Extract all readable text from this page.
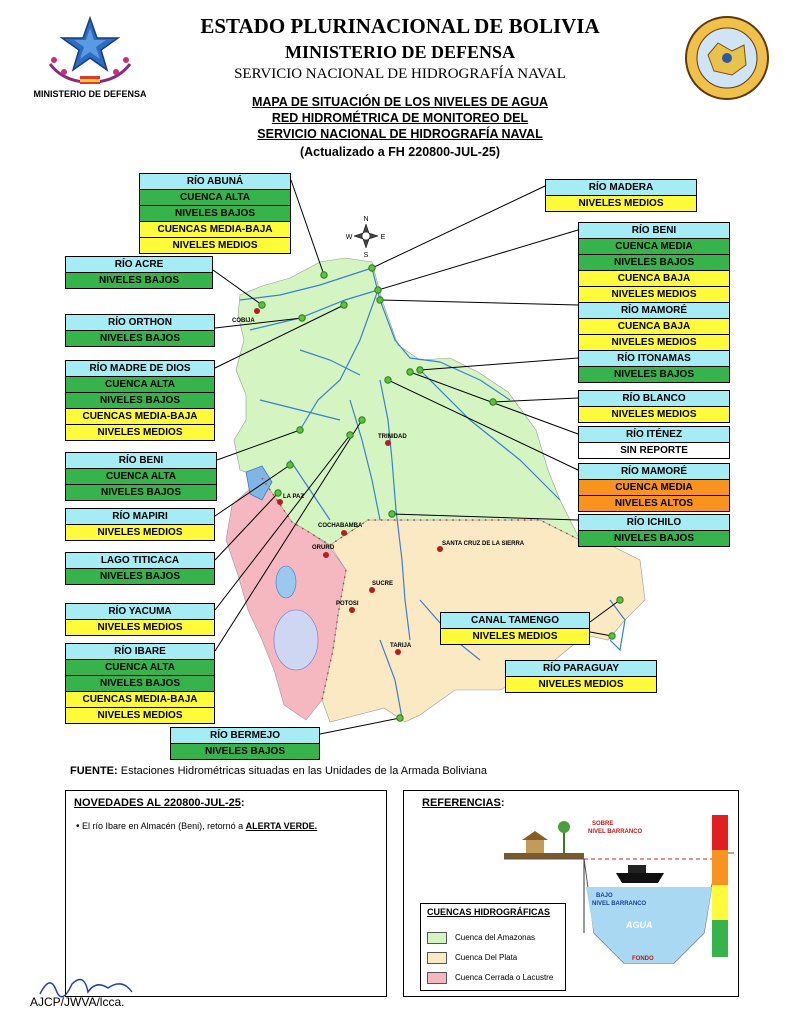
MINISTERIO DE DEFENSA
ESTADO PLURINACIONAL DE BOLIVIA
MINISTERIO DE DEFENSA
SERVICIO NACIONAL DE HIDROGRAFÍA NAVAL
MAPA DE SITUACIÓN DE LOS NIVELES DE AGUA
RED HIDROMÉTRICA DE MONITOREO DEL
SERVICIO NACIONAL DE HIDROGRAFÍA NAVAL
(Actualizado a FH 220800-JUL-25)
N
S
E
W
COBIJA
TRINIDAD
LA PAZ
COCHABAMBA
ORURO
SANTA CRUZ DE LA SIERRA
SUCRE
POTOSI
TARIJA
RÍO ABUNÁ
CUENCA ALTA
NIVELES BAJOS
CUENCAS MEDIA-BAJA
NIVELES MEDIOS
RÍO ACRE
NIVELES BAJOS
RÍO ORTHON
NIVELES BAJOS
RÍO MADRE DE DIOS
CUENCA ALTA
NIVELES BAJOS
CUENCAS MEDIA-BAJA
NIVELES MEDIOS
RÍO BENI
CUENCA ALTA
NIVELES BAJOS
RÍO MAPIRI
NIVELES MEDIOS
LAGO TITICACA
NIVELES BAJOS
RÍO YACUMA
NIVELES MEDIOS
RÍO IBARE
CUENCA ALTA
NIVELES BAJOS
CUENCAS MEDIA-BAJA
NIVELES MEDIOS
RÍO BERMEJO
NIVELES BAJOS
RÍO MADERA
NIVELES MEDIOS
RÍO BENI
CUENCA MEDIA
NIVELES BAJOS
CUENCA BAJA
NIVELES MEDIOS
RÍO MAMORÉ
CUENCA BAJA
NIVELES MEDIOS
RÍO ITONAMAS
NIVELES BAJOS
RÍO BLANCO
NIVELES MEDIOS
RÍO ITÉNEZ
SIN REPORTE
RÍO MAMORÉ
CUENCA MEDIA
NIVELES ALTOS
RÍO ICHILO
NIVELES BAJOS
CANAL TAMENGO
NIVELES MEDIOS
RÍO PARAGUAY
NIVELES MEDIOS
FUENTE: Estaciones Hidrométricas situadas en las Unidades de la Armada Boliviana
NOVEDADES AL 220800-JUL-25:
• El río Ibare en Almacén (Beni), retornó a ALERTA VERDE.
REFERENCIAS:
SOBRE
NIVEL BARRANCO
BAJO
NIVEL BARRANCO
AGUA
FONDO
CUENCAS HIDROGRÁFICAS
Cuenca del Amazonas
Cuenca Del Plata
Cuenca Cerrada o Lacustre
AJCP/JWVA/lcca.
